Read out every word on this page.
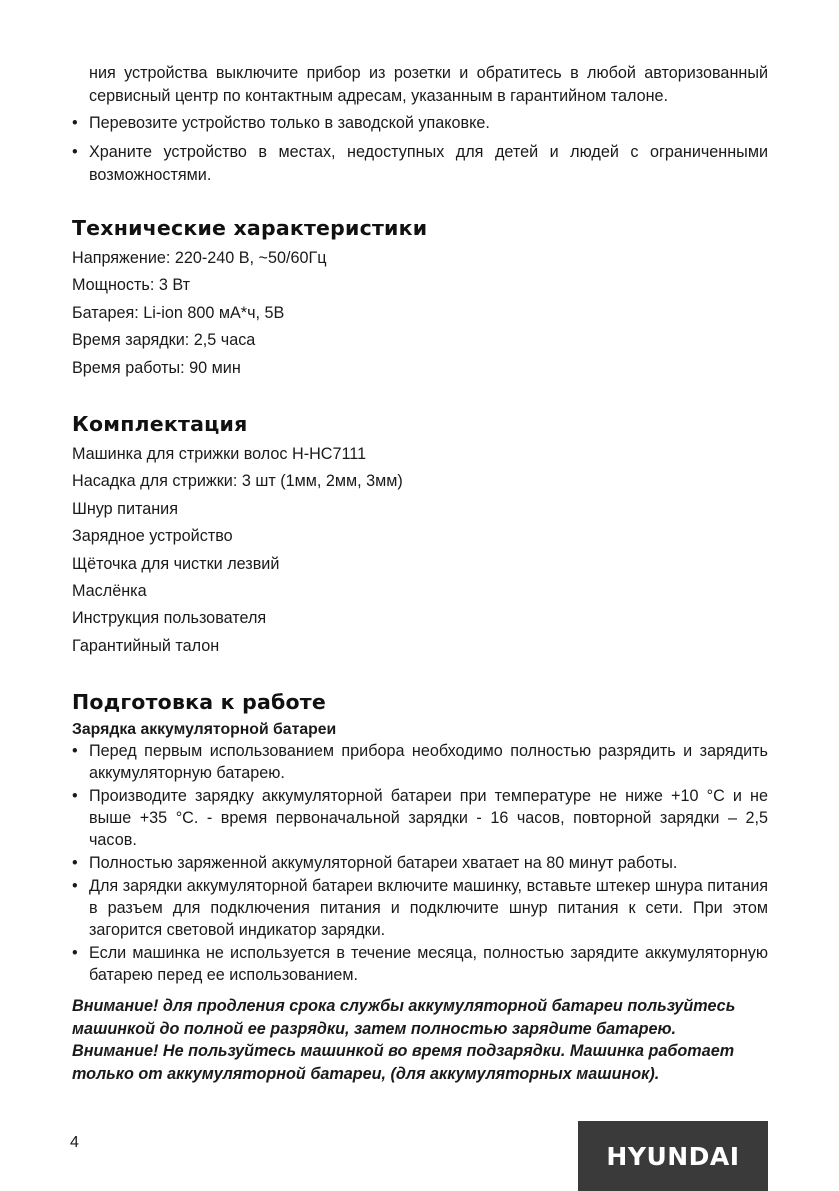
ния устройства выключите прибор из розетки и обратитесь в любой авторизованный сервисный центр по контактным адресам, указанным в гарантийном талоне.

• Перевозите устройство только в заводской упаковке.
• Храните устройство в местах, недоступных для детей и людей с ограниченными возможностями.
Технические характеристики

Напряжение: 220-240 В, ~50/60Гц

Мощность: 3 Вт

Батарея: Li-ion 800 мА*ч, 5В

Время зарядки: 2,5 часа

Время работы: 90 мин

Комплектация

Машинка для стрижки волос H-HC7111

Насадка для стрижки: 3 шт (1мм, 2мм, 3мм)

Шнур питания

Зарядное устройство

Щёточка для чистки лезвий

Маслёнка

Инструкция пользователя

Гарантийный талон

Подготовка к работе
Зарядка аккумуляторной батареи
• Перед первым использованием прибора необходимо полностью разрядить и зарядить аккумуляторную батарею.
• Производите зарядку аккумуляторной батареи при температуре не ниже +10 °С и не выше +35 °С. - время первоначальной зарядки - 16 часов, повторной зарядки – 2,5 часов.
• Полностью заряженной аккумуляторной батареи хватает на 80 минут работы.
• Для зарядки аккумуляторной батареи включите машинку, вставьте штекер шнура питания в разъем для подключения питания и подключите шнур питания к сети. При этом загорится световой индикатор зарядки.
• Если машинка не используется в течение месяца, полностью зарядите аккумуляторную батарею перед ее использованием.

Внимание! для продления срока службы аккумуляторной батареи пользуйтесь машинкой до полной ее разрядки, затем полностью зарядите батарею.

Внимание! Не пользуйтесь машинкой во время подзарядки. Машинка работает только от аккумуляторной батареи, (для аккумуляторных машинок).

4	HYUNDAI
